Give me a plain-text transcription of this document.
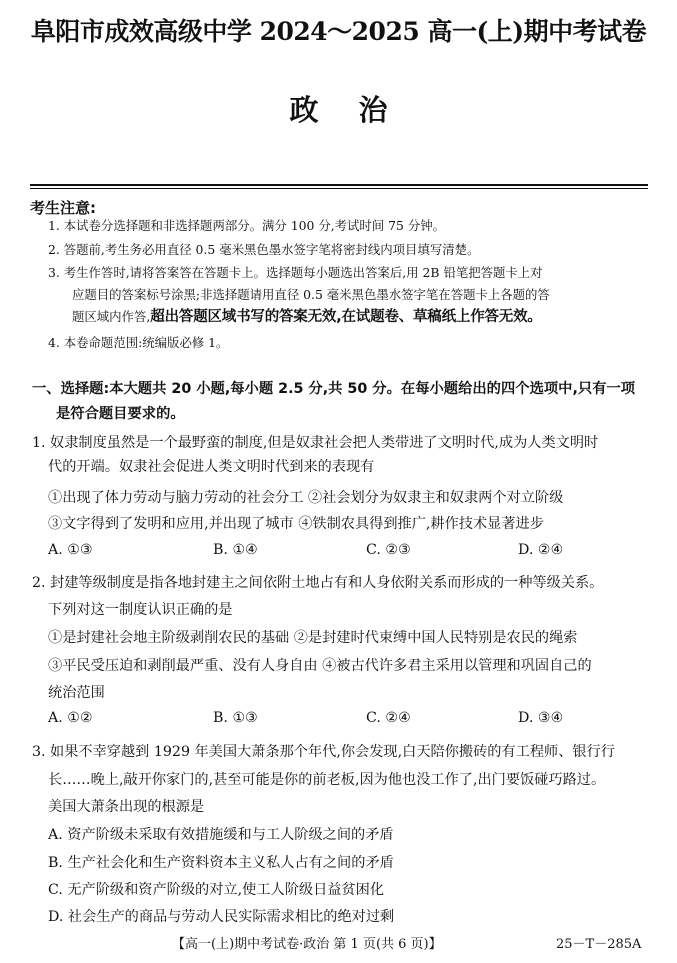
阜阳市成效高级中学 2024～2025 高一(上)期中考试卷
政治
考生注意:
1. 本试卷分选择题和非选择题两部分。满分 100 分,考试时间 75 分钟。
2. 答题前,考生务必用直径 0.5 毫米黑色墨水签字笔将密封线内项目填写清楚。
3. 考生作答时,请将答案答在答题卡上。选择题每小题选出答案后,用 2B 铅笔把答题卡上对
应题目的答案标号涂黑;非选择题请用直径 0.5 毫米黑色墨水签字笔在答题卡上各题的答
题区域内作答,超出答题区域书写的答案无效,在试题卷、草稿纸上作答无效。
4. 本卷命题范围:统编版必修 1。
一、选择题:本大题共 20 小题,每小题 2.5 分,共 50 分。在每小题给出的四个选项中,只有一项
是符合题目要求的。
1. 奴隶制度虽然是一个最野蛮的制度,但是奴隶社会把人类带进了文明时代,成为人类文明时
代的开端。奴隶社会促进人类文明时代到来的表现有
①出现了体力劳动与脑力劳动的社会分工 ②社会划分为奴隶主和奴隶两个对立阶级
③文字得到了发明和应用,并出现了城市 ④铁制农具得到推广,耕作技术显著进步
A. ①③	B. ①④	C. ②③	D. ②④
2. 封建等级制度是指各地封建主之间依附土地占有和人身依附关系而形成的一种等级关系。
下列对这一制度认识正确的是
①是封建社会地主阶级剥削农民的基础 ②是封建时代束缚中国人民特别是农民的绳索
③平民受压迫和剥削最严重、没有人身自由 ④被古代许多君主采用以管理和巩固自己的
统治范围
A. ①②	B. ①③	C. ②④	D. ③④
3. 如果不幸穿越到 1929 年美国大萧条那个年代,你会发现,白天陪你搬砖的有工程师、银行行
长……晚上,敲开你家门的,甚至可能是你的前老板,因为他也没工作了,出门要饭碰巧路过。
美国大萧条出现的根源是
A. 资产阶级未采取有效措施缓和与工人阶级之间的矛盾
B. 生产社会化和生产资料资本主义私人占有之间的矛盾
C. 无产阶级和资产阶级的对立,使工人阶级日益贫困化
D. 社会生产的商品与劳动人民实际需求相比的绝对过剩
【高一(上)期中考试卷·政治 第 1 页(共 6 页)】	25－T－285A
